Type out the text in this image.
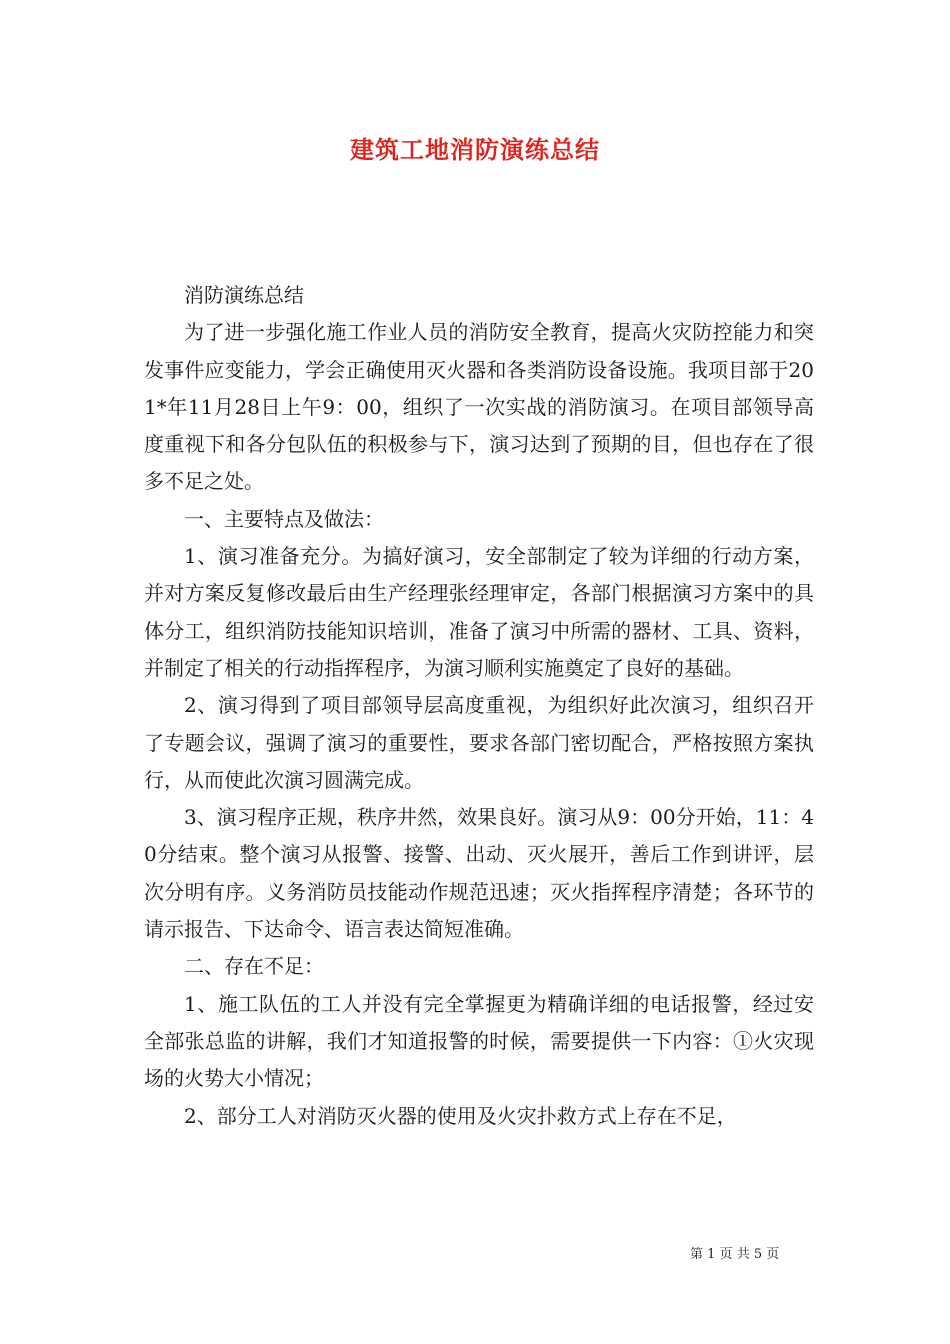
建筑工地消防演练总结

消防演练总结

为了进一步强化施工作业人员的消防安全教育，提高火灾防控能力和突发事件应变能力，学会正确使用灭火器和各类消防设备设施。我项目部于201*年11月28日上午9：00，组织了一次实战的消防演习。在项目部领导高度重视下和各分包队伍的积极参与下，演习达到了预期的目，但也存在了很多不足之处。

一、主要特点及做法：

1、演习准备充分。为搞好演习，安全部制定了较为详细的行动方案，并对方案反复修改最后由生产经理张经理审定，各部门根据演习方案中的具体分工，组织消防技能知识培训，准备了演习中所需的器材、工具、资料，并制定了相关的行动指挥程序，为演习顺利实施奠定了良好的基础。

2、演习得到了项目部领导层高度重视，为组织好此次演习，组织召开了专题会议，强调了演习的重要性，要求各部门密切配合，严格按照方案执行，从而使此次演习圆满完成。

3、演习程序正规，秩序井然，效果良好。演习从9：00分开始，11：40分结束。整个演习从报警、接警、出动、灭火展开，善后工作到讲评，层次分明有序。义务消防员技能动作规范迅速；灭火指挥程序清楚；各环节的请示报告、下达命令、语言表达简短准确。

二、存在不足：

1、施工队伍的工人并没有完全掌握更为精确详细的电话报警，经过安全部张总监的讲解，我们才知道报警的时候，需要提供一下内容：①火灾现场的火势大小情况；

2、部分工人对消防灭火器的使用及火灾扑救方式上存在不足，

第 1 页 共 5 页
